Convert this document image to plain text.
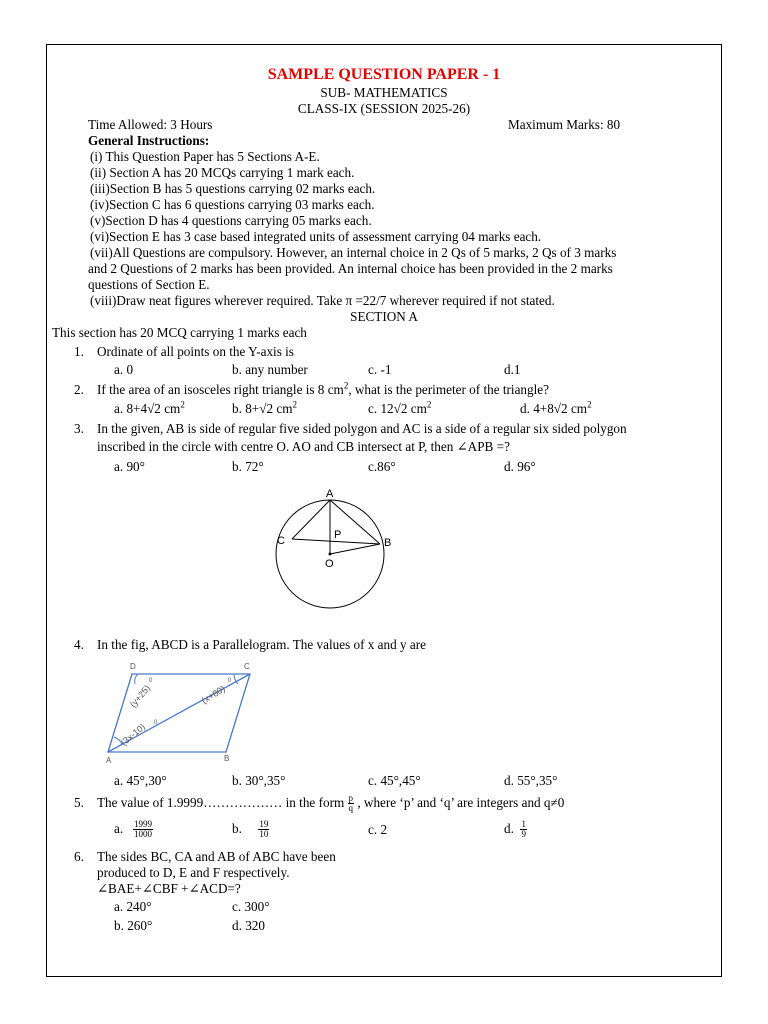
SAMPLE QUESTION PAPER - 1
SUB- MATHEMATICS
CLASS-IX (SESSION 2025-26)
Time Allowed: 3 Hours	Maximum Marks: 80
General Instructions:
(i) This Question Paper has 5 Sections A-E.
(ii) Section A has 20 MCQs carrying 1 mark each.
(iii)Section B has 5 questions carrying 02 marks each.
(iv)Section C has 6 questions carrying 03 marks each.
(v)Section D has 4 questions carrying 05 marks each.
(vi)Section E has 3 case based integrated units of assessment carrying 04 marks each.
(vii)All Questions are compulsory. However, an internal choice in 2 Qs of 5 marks, 2 Qs of 3 marks
and 2 Questions of 2 marks has been provided. An internal choice has been provided in the 2 marks
questions of Section E.
(viii)Draw neat figures wherever required. Take π =22/7 wherever required if not stated.
SECTION A
This section has 20 MCQ carrying 1 marks each
1. Ordinate of all points on the Y-axis is
a. 0	b. any number	c. -1	d.1
2. If the area of an isosceles right triangle is 8 $cm^2$, what is the perimeter of the triangle?
a. 8+4√2 $cm^2$	b. 8+√2 $cm^2$	c. 12√2 $cm^2$	d. 4+8√2 $cm^2$
3. In the given, AB is side of regular five sided polygon and AC is a side of a regular six sided polygon
inscribed in the circle with centre O. AO and CB intersect at P, then ∠APB =?
a. 90°	b. 72°	c.86°	d. 96°
A
B
C	P
O
4. In the fig, ABCD is a Parallelogram. The values of x and y are
D	C
A	B
(y+25)
0
(x+80)
0
(3x-10) 0
a. 45°,30°	b. 30°,35°	c. 45°,45°	d. 55°,35°
5. The value of 1.9999……………… in the form $\frac{p}{q}$ , where ‘p’ and ‘q’ are integers and q≠0
a. $\frac{1999}{1000}$	b. $\frac{19}{10}$	c. 2	d. $\frac{1}{9}$
6. The sides BC, CA and AB of ABC have been
produced to D, E and F respectively.
∠BAE+∠CBF +∠ACD=?
a. 240°	c. 300°
b. 260°	d. 320
